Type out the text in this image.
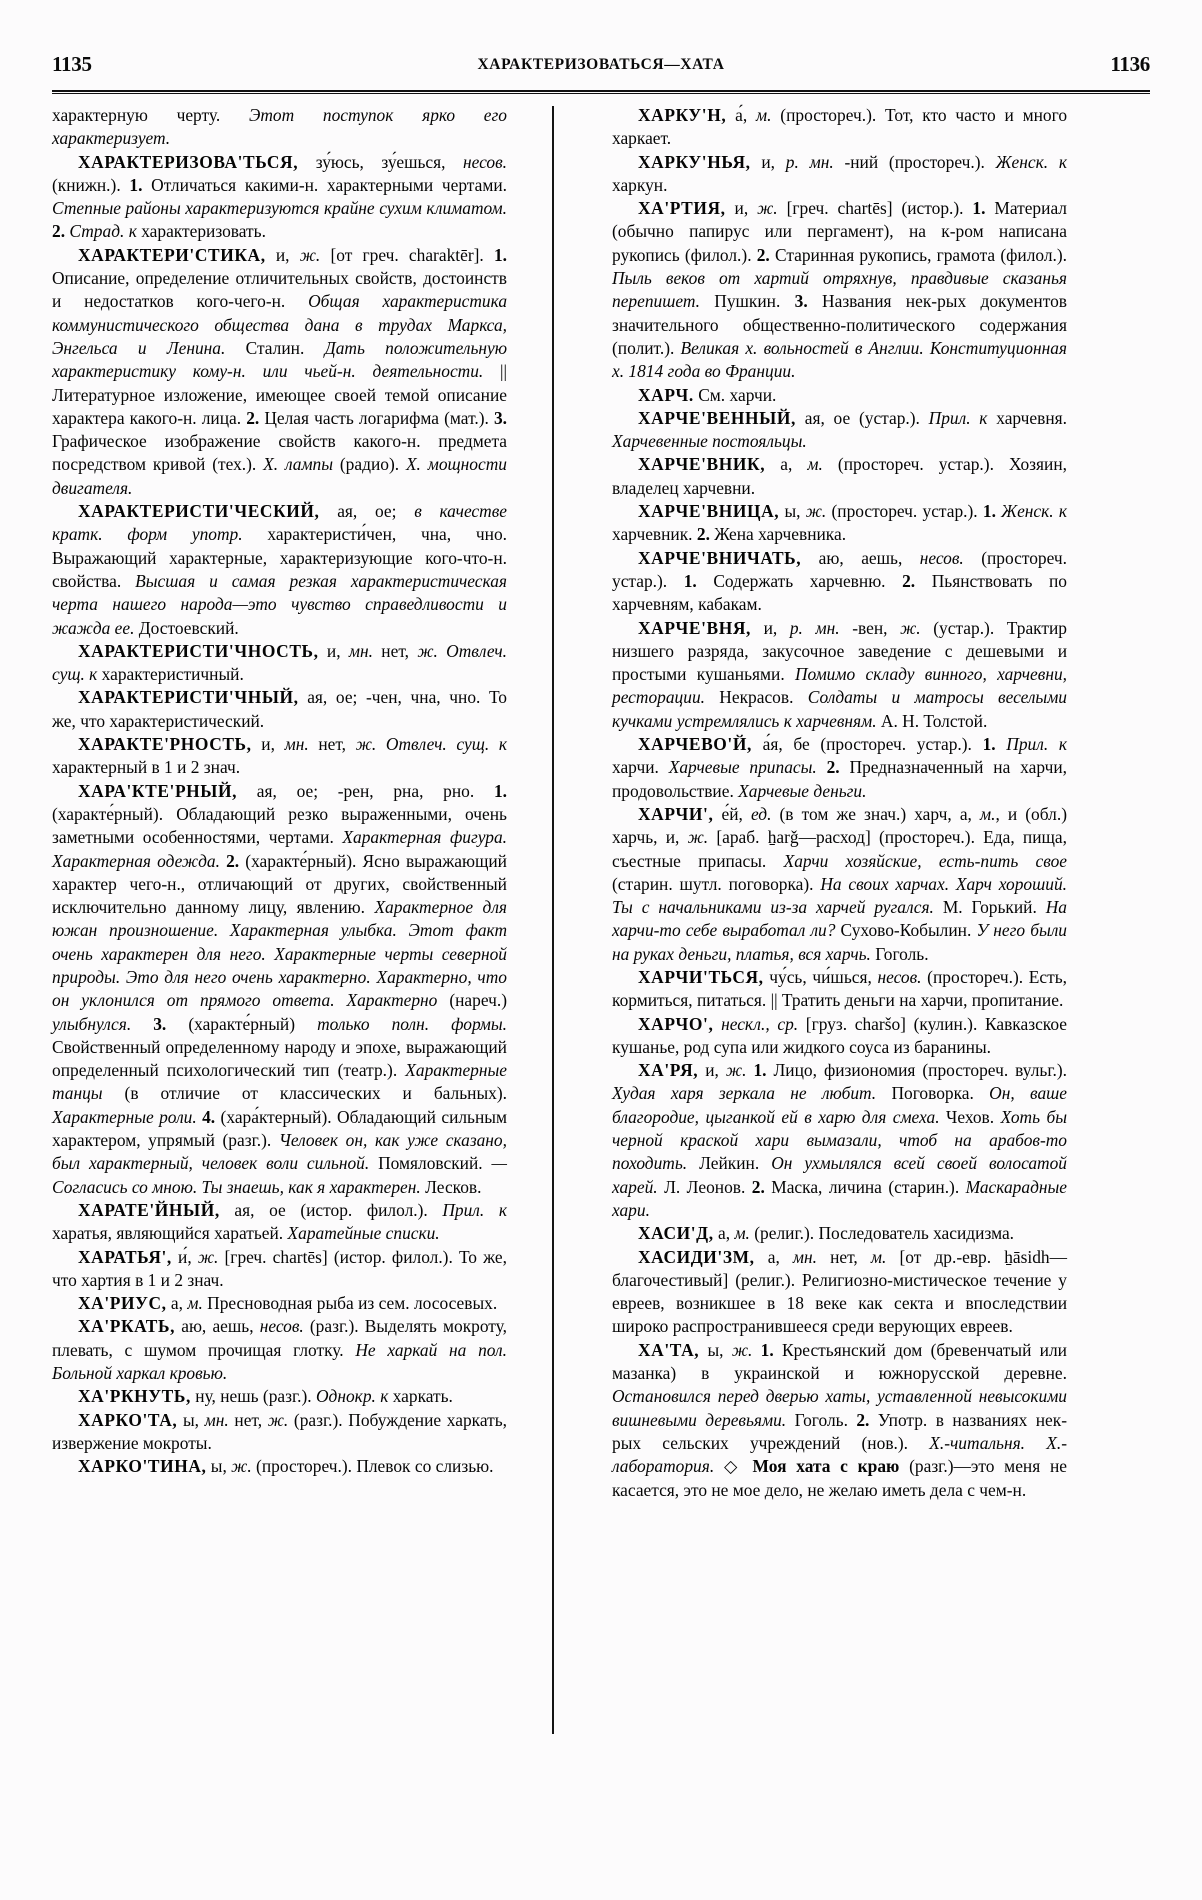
1135	ХАРАКТЕРИЗОВАТЬСЯ—ХАТА	1136

характерную черту. Этот поступок ярко его характеризует.

ХАРАКТЕРИЗОВА'ТЬСЯ, зу́юсь, зу́ешься, несов. (книжн.). 1. Отличаться какими-н. характерными чертами. Степные районы характеризуются крайне сухим климатом. 2. Страд. к характеризовать.

ХАРАКТЕРИ'СТИКА, и, ж. [от греч. charaktēr]. 1. Описание, определение отличительных свойств, достоинств и недостатков кого-чего-н. Общая характеристика коммунистического общества дана в трудах Маркса, Энгельса и Ленина. Сталин. Дать положительную характеристику кому-н. или чьей-н. деятельности. || Литературное изложение, имеющее своей темой описание характера какого-н. лица. 2. Целая часть логарифма (мат.). 3. Графическое изображение свойств какого-н. предмета посредством кривой (тех.). Х. лампы (радио). Х. мощности двигателя.

ХАРАКТЕРИСТИ'ЧЕСКИЙ, ая, ое; в качестве кратк. форм употр. характеристи́чен, чна, чно. Выражающий характерные, характеризующие кого-что-н. свойства. Высшая и самая резкая характеристическая черта нашего народа—это чувство справедливости и жажда ее. Достоевский.

ХАРАКТЕРИСТИ'ЧНОСТЬ, и, мн. нет, ж. Отвлеч. сущ. к характеристичный.

ХАРАКТЕРИСТИ'ЧНЫЙ, ая, ое; -чен, чна, чно. То же, что характеристический.

ХАРАКТЕ'РНОСТЬ, и, мн. нет, ж. Отвлеч. сущ. к характерный в 1 и 2 знач.

ХАРА'КТЕ'РНЫЙ, ая, ое; -рен, рна, рно. 1. (характе́рный). Обладающий резко выраженными, очень заметными особенностями, чертами. Характерная фигура. Характерная одежда. 2. (характе́рный). Ясно выражающий характер чего-н., отличающий от других, свойственный исключительно данному лицу, явлению. Характерное для южан произношение. Характерная улыбка. Этот факт очень характерен для него. Характерные черты северной природы. Это для него очень характерно. Характерно, что он уклонился от прямого ответа. Характерно (нареч.) улыбнулся. 3. (характе́рный) только полн. формы. Свойственный определенному народу и эпохе, выражающий определенный психологический тип (театр.). Характерные танцы (в отличие от классических и бальных). Характерные роли. 4. (хара́ктерный). Обладающий сильным характером, упрямый (разг.). Человек он, как уже сказано, был характерный, человек воли сильной. Помяловский. —Согласись со мною. Ты знаешь, как я характерен. Лесков.

ХАРАТЕ'ЙНЫЙ, ая, ое (истор. филол.). Прил. к харатья, являющийся харатьей. Харатейные списки.

ХАРАТЬЯ', и́, ж. [греч. chartēs] (истор. филол.). То же, что хартия в 1 и 2 знач.

ХА'РИУС, а, м. Пресноводная рыба из сем. лососевых.

ХА'РКАТЬ, аю, аешь, несов. (разг.). Выделять мокроту, плевать, с шумом прочищая глотку. Не харкай на пол. Больной харкал кровью.

ХА'РКНУТЬ, ну, нешь (разг.). Однокр. к харкать.

ХАРКО'ТА, ы, мн. нет, ж. (разг.). Побуждение харкать, извержение мокроты.

ХАРКО'ТИНА, ы, ж. (простореч.). Плевок со слизью.

ХАРКУ'Н, а́, м. (простореч.). Тот, кто часто и много харкает.

ХАРКУ'НЬЯ, и, р. мн. -ний (простореч.). Женск. к харкун.

ХА'РТИЯ, и, ж. [греч. chartēs] (истор.). 1. Материал (обычно папирус или пергамент), на к-ром написана рукопись (филол.). 2. Старинная рукопись, грамота (филол.). Пыль веков от хартий отряхнув, правдивые сказанья перепишет. Пушкин. 3. Названия нек-рых документов значительного общественно-политического содержания (полит.). Великая х. вольностей в Англии. Конституционная х. 1814 года во Франции.

ХАРЧ. См. харчи.

ХАРЧЕ'ВЕННЫЙ, ая, ое (устар.). Прил. к харчевня. Харчевенные постояльцы.

ХАРЧЕ'ВНИК, а, м. (простореч. устар.). Хозяин, владелец харчевни.

ХАРЧЕ'ВНИЦА, ы, ж. (простореч. устар.). 1. Женск. к харчевник. 2. Жена харчевника.

ХАРЧЕ'ВНИЧАТЬ, аю, аешь, несов. (простореч. устар.). 1. Содержать харчевню. 2. Пьянствовать по харчевням, кабакам.

ХАРЧЕ'ВНЯ, и, р. мн. -вен, ж. (устар.). Трактир низшего разряда, закусочное заведение с дешевыми и простыми кушаньями. Помимо складу винного, харчевни, ресторации. Некрасов. Солдаты и матросы веселыми кучками устремлялись к харчевням. А. Н. Толстой.

ХАРЧЕВО'Й, а́я, бе (простореч. устар.). 1. Прил. к харчи. Харчевые припасы. 2. Предназначенный на харчи, продовольствие. Харчевые деньги.

ХАРЧИ', е́й, ед. (в том же знач.) харч, а, м., и (обл.) харчь, и, ж. [араб. ẖarǧ—расход] (простореч.). Еда, пища, съестные припасы. Харчи хозяйские, есть-пить свое (старин. шутл. поговорка). На своих харчах. Харч хороший. Ты с начальниками из-за харчей ругался. М. Горький. На харчи-то себе выработал ли? Сухово-Кобылин. У него были на руках деньги, платья, вся харчь. Гоголь.

ХАРЧИ'ТЬСЯ, чу́сь, чи́шься, несов. (простореч.). Есть, кормиться, питаться. || Тратить деньги на харчи, пропитание.

ХАРЧО', нескл., ср. [груз. charšo] (кулин.). Кавказское кушанье, род супа или жидкого соуса из баранины.

ХА'РЯ, и, ж. 1. Лицо, физиономия (простореч. вульг.). Худая харя зеркала не любит. Поговорка. Он, ваше благородие, цыганкой ей в харю для смеха. Чехов. Хоть бы черной краской хари вымазали, чтоб на арабов-то походить. Лейкин. Он ухмылялся всей своей волосатой харей. Л. Леонов. 2. Маска, личина (старин.). Маскарадные хари.

ХАСИ'Д, а, м. (религ.). Последователь хасидизма.

ХАСИДИ'ЗМ, а, мн. нет, м. [от др.-евр. ẖāsidh—благочестивый] (религ.). Религиозно-мистическое течение у евреев, возникшее в 18 веке как секта и впоследствии широко распространившееся среди верующих евреев.

ХА'ТА, ы, ж. 1. Крестьянский дом (бревенчатый или мазанка) в украинской и южнорусской деревне. Остановился перед дверью хаты, уставленной невысокими вишневыми деревьями. Гоголь. 2. Употр. в названиях нек-рых сельских учреждений (нов.). Х.-читальня. Х.-лаборатория. ◇ Моя хата с краю (разг.)—это меня не касается, это не мое дело, не желаю иметь дела с чем-н.
